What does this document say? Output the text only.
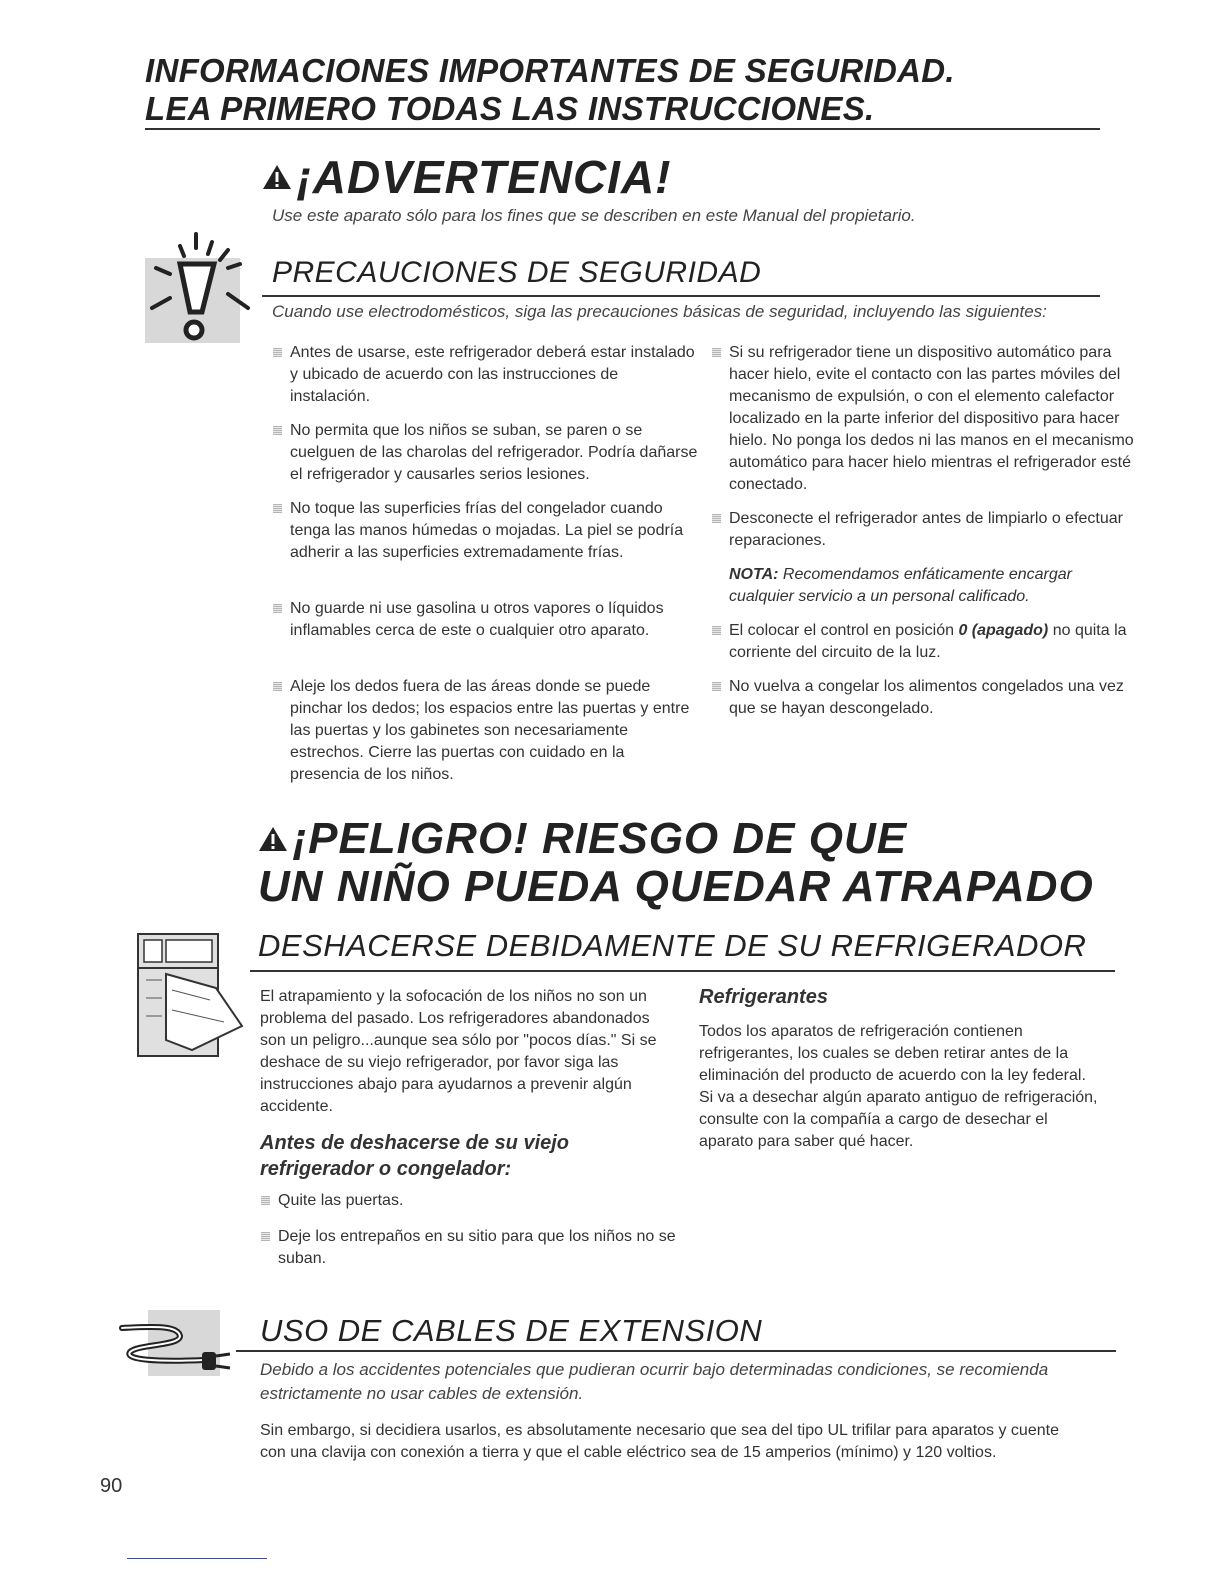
INFORMACIONES IMPORTANTES DE SEGURIDAD.
LEA PRIMERO TODAS LAS INSTRUCCIONES.
¡ADVERTENCIA!
Use este aparato sólo para los fines que se describen en este Manual del propietario.
PRECAUCIONES DE SEGURIDAD
Cuando use electrodomésticos, siga las precauciones básicas de seguridad, incluyendo las siguientes:
Antes de usarse, este refrigerador deberá estar instalado y ubicado de acuerdo con las instrucciones de instalación.
No permita que los niños se suban, se paren o se cuelguen de las charolas del refrigerador. Podría dañarse el refrigerador y causarles serios lesiones.
No toque las superficies frías del congelador cuando tenga las manos húmedas o mojadas. La piel se podría adherir a las superficies extremadamente frías.
No guarde ni use gasolina u otros vapores o líquidos inflamables cerca de este o cualquier otro aparato.
Aleje los dedos fuera de las áreas donde se puede pinchar los dedos; los espacios entre las puertas y entre las puertas y los gabinetes son necesariamente estrechos. Cierre las puertas con cuidado en la presencia de los niños.
Si su refrigerador tiene un dispositivo automático para hacer hielo, evite el contacto con las partes móviles del mecanismo de expulsión, o con el elemento calefactor localizado en la parte inferior del dispositivo para hacer hielo. No ponga los dedos ni las manos en el mecanismo automático para hacer hielo mientras el refrigerador esté conectado.
Desconecte el refrigerador antes de limpiarlo o efectuar reparaciones.
NOTA: Recomendamos enfáticamente encargar cualquier servicio a un personal calificado.
El colocar el control en posición 0 (apagado) no quita la corriente del circuito de la luz.
No vuelva a congelar los alimentos congelados una vez que se hayan descongelado.
¡PELIGRO! RIESGO DE QUE
UN NIÑO PUEDA QUEDAR ATRAPADO
DESHACERSE DEBIDAMENTE DE SU REFRIGERADOR
El atrapamiento y la sofocación de los niños no son un problema del pasado. Los refrigeradores abandonados son un peligro...aunque sea sólo por "pocos días." Si se deshace de su viejo refrigerador, por favor siga las instrucciones abajo para ayudarnos a prevenir algún accidente.
Antes de deshacerse de su viejo refrigerador o congelador:
Quite las puertas.
Deje los entrepaños en su sitio para que los niños no se suban.
Refrigerantes
Todos los aparatos de refrigeración contienen refrigerantes, los cuales se deben retirar antes de la eliminación del producto de acuerdo con la ley federal. Si va a desechar algún aparato antiguo de refrigeración, consulte con la compañía a cargo de desechar el aparato para saber qué hacer.
USO DE CABLES DE EXTENSION
Debido a los accidentes potenciales que pudieran ocurrir bajo determinadas condiciones, se recomienda estrictamente no usar cables de extensión.
Sin embargo, si decidiera usarlos, es absolutamente necesario que sea del tipo UL trifilar para aparatos y cuente con una clavija con conexión a tierra y que el cable eléctrico sea de 15 amperios (mínimo) y 120 voltios.
90
